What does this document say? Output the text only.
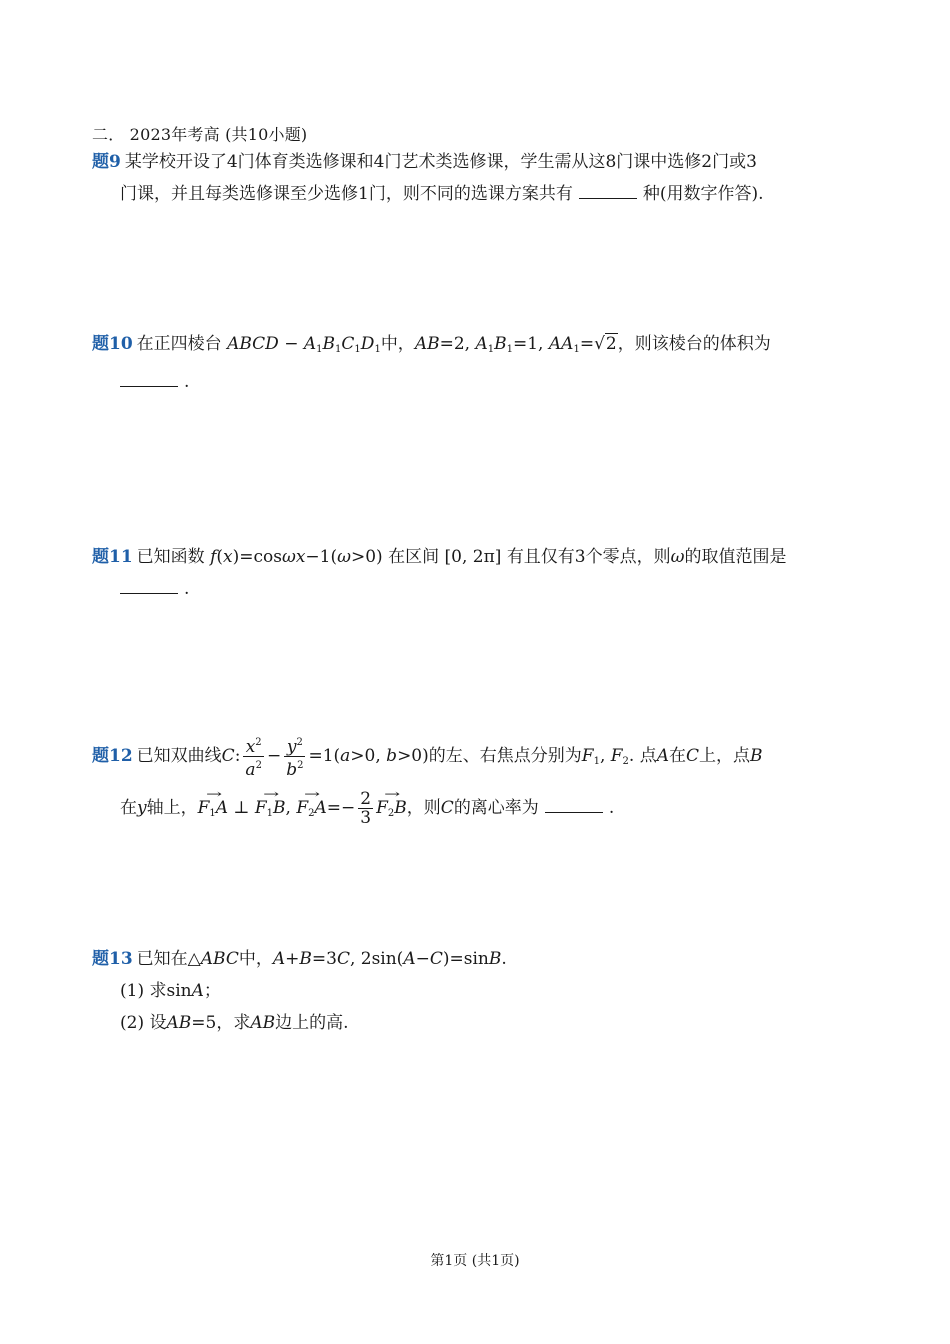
二． 2023年考高 (共10小题)
题9 某学校开设了4门体育类选修课和4门艺术类选修课，学生需从这8门课中选修2门或3
门课，并且每类选修课至少选修1门，则不同的选课方案共有	种(用数字作答).
题10 在正四棱台 ABCD − $A_1B_1C_1D_1$中，AB=2, $A_1B_1=1$, $AA_1=√2$，则该棱台的体积为
.
题11 已知函数 f(x)=cosωx−1(ω>0) 在区间 [0, 2π] 有且仅有3个零点，则ω的取值范围是
.
题12 已知双曲线C: $\frac{x^2}{a^2} - \frac{y^2}{b^2} =1(a>0$, b>0)的左、右焦点分别为$F_1$, $F_2$. 点A在C上，点B
在y轴上，→ $F_1A$ ⊥ → $F_1B$, → $F_2A=- \frac{2}{3}$
→ $F_2B$，则C的离心率为	.
题13 已知在△ABC中，A+B=3C, 2sin(A−C)=sinB.
(1) 求sinA；
(2) 设AB=5，求AB边上的高.
第1页 (共1页)
